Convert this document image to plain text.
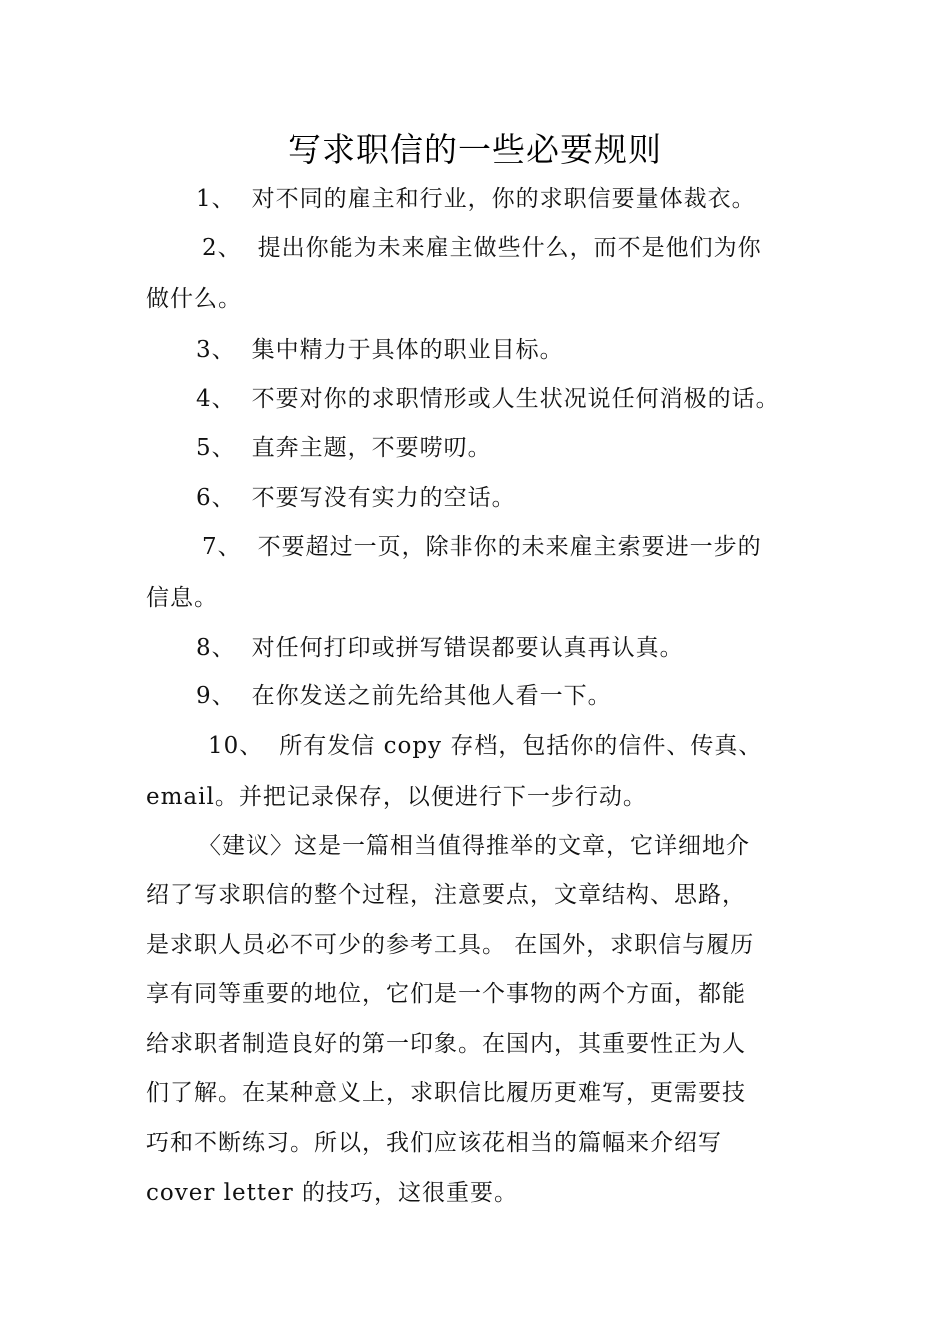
写求职信的一些必要规则
1、 对不同的雇主和行业，你的求职信要量体裁衣。
2、 提出你能为未来雇主做些什么，而不是他们为你
做什么。
3、 集中精力于具体的职业目标。
4、 不要对你的求职情形或人生状况说任何消极的话。
5、 直奔主题，不要唠叨。
6、 不要写没有实力的空话。
7、 不要超过一页，除非你的未来雇主索要进一步的
信息。
8、 对任何打印或拼写错误都要认真再认真。
9、 在你发送之前先给其他人看一下。
10、 所有发信 copy 存档，包括你的信件、传真、
email。并把记录保存，以便进行下一步行动。
〈建议〉这是一篇相当值得推举的文章，它详细地介
绍了写求职信的整个过程，注意要点，文章结构、思路，
是求职人员必不可少的参考工具。 在国外，求职信与履历
享有同等重要的地位，它们是一个事物的两个方面，都能
给求职者制造良好的第一印象。在国内，其重要性正为人
们了解。在某种意义上，求职信比履历更难写，更需要技
巧和不断练习。所以，我们应该花相当的篇幅来介绍写
cover letter 的技巧，这很重要。
